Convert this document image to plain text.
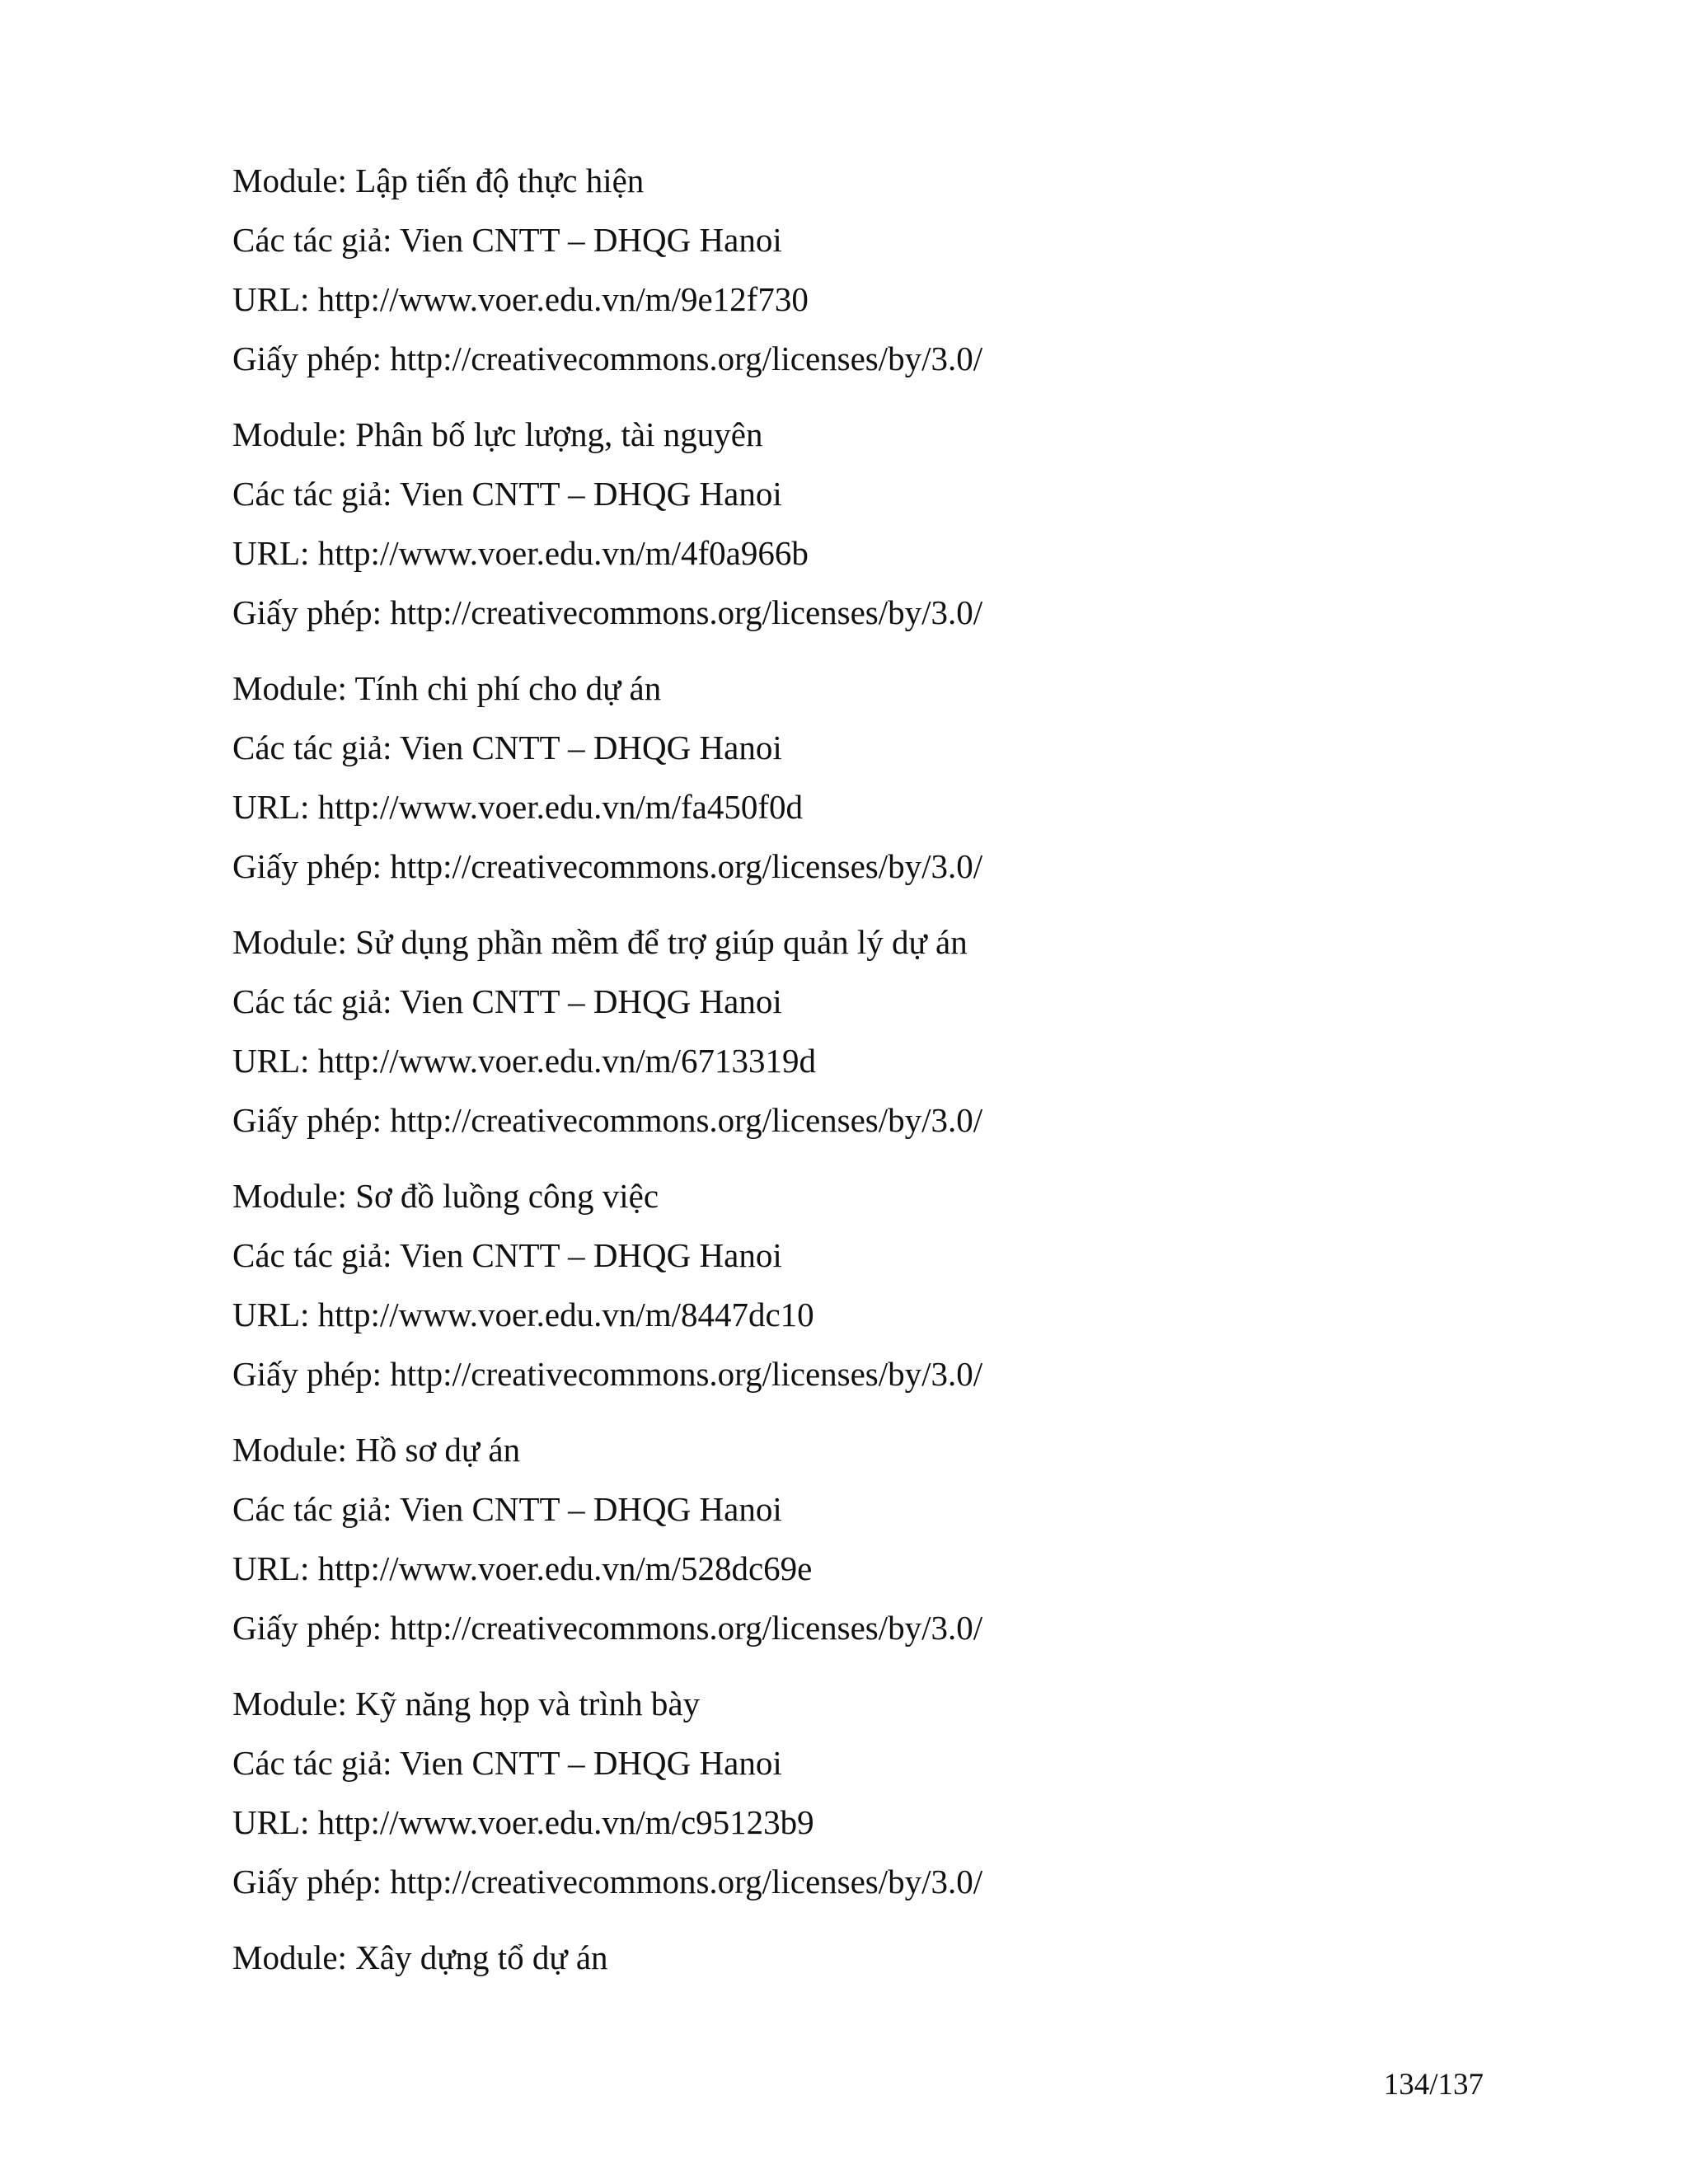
Module: Lập tiến độ thực hiện
Các tác giả: Vien CNTT – DHQG Hanoi
URL: http://www.voer.edu.vn/m/9e12f730
Giấy phép: http://creativecommons.org/licenses/by/3.0/
Module: Phân bố lực lượng, tài nguyên
Các tác giả: Vien CNTT – DHQG Hanoi
URL: http://www.voer.edu.vn/m/4f0a966b
Giấy phép: http://creativecommons.org/licenses/by/3.0/
Module: Tính chi phí cho dự án
Các tác giả: Vien CNTT – DHQG Hanoi
URL: http://www.voer.edu.vn/m/fa450f0d
Giấy phép: http://creativecommons.org/licenses/by/3.0/
Module: Sử dụng phần mềm để trợ giúp quản lý dự án
Các tác giả: Vien CNTT – DHQG Hanoi
URL: http://www.voer.edu.vn/m/6713319d
Giấy phép: http://creativecommons.org/licenses/by/3.0/
Module: Sơ đồ luồng công việc
Các tác giả: Vien CNTT – DHQG Hanoi
URL: http://www.voer.edu.vn/m/8447dc10
Giấy phép: http://creativecommons.org/licenses/by/3.0/
Module: Hồ sơ dự án
Các tác giả: Vien CNTT – DHQG Hanoi
URL: http://www.voer.edu.vn/m/528dc69e
Giấy phép: http://creativecommons.org/licenses/by/3.0/
Module: Kỹ năng họp và trình bày
Các tác giả: Vien CNTT – DHQG Hanoi
URL: http://www.voer.edu.vn/m/c95123b9
Giấy phép: http://creativecommons.org/licenses/by/3.0/
Module: Xây dựng tổ dự án
134/137
